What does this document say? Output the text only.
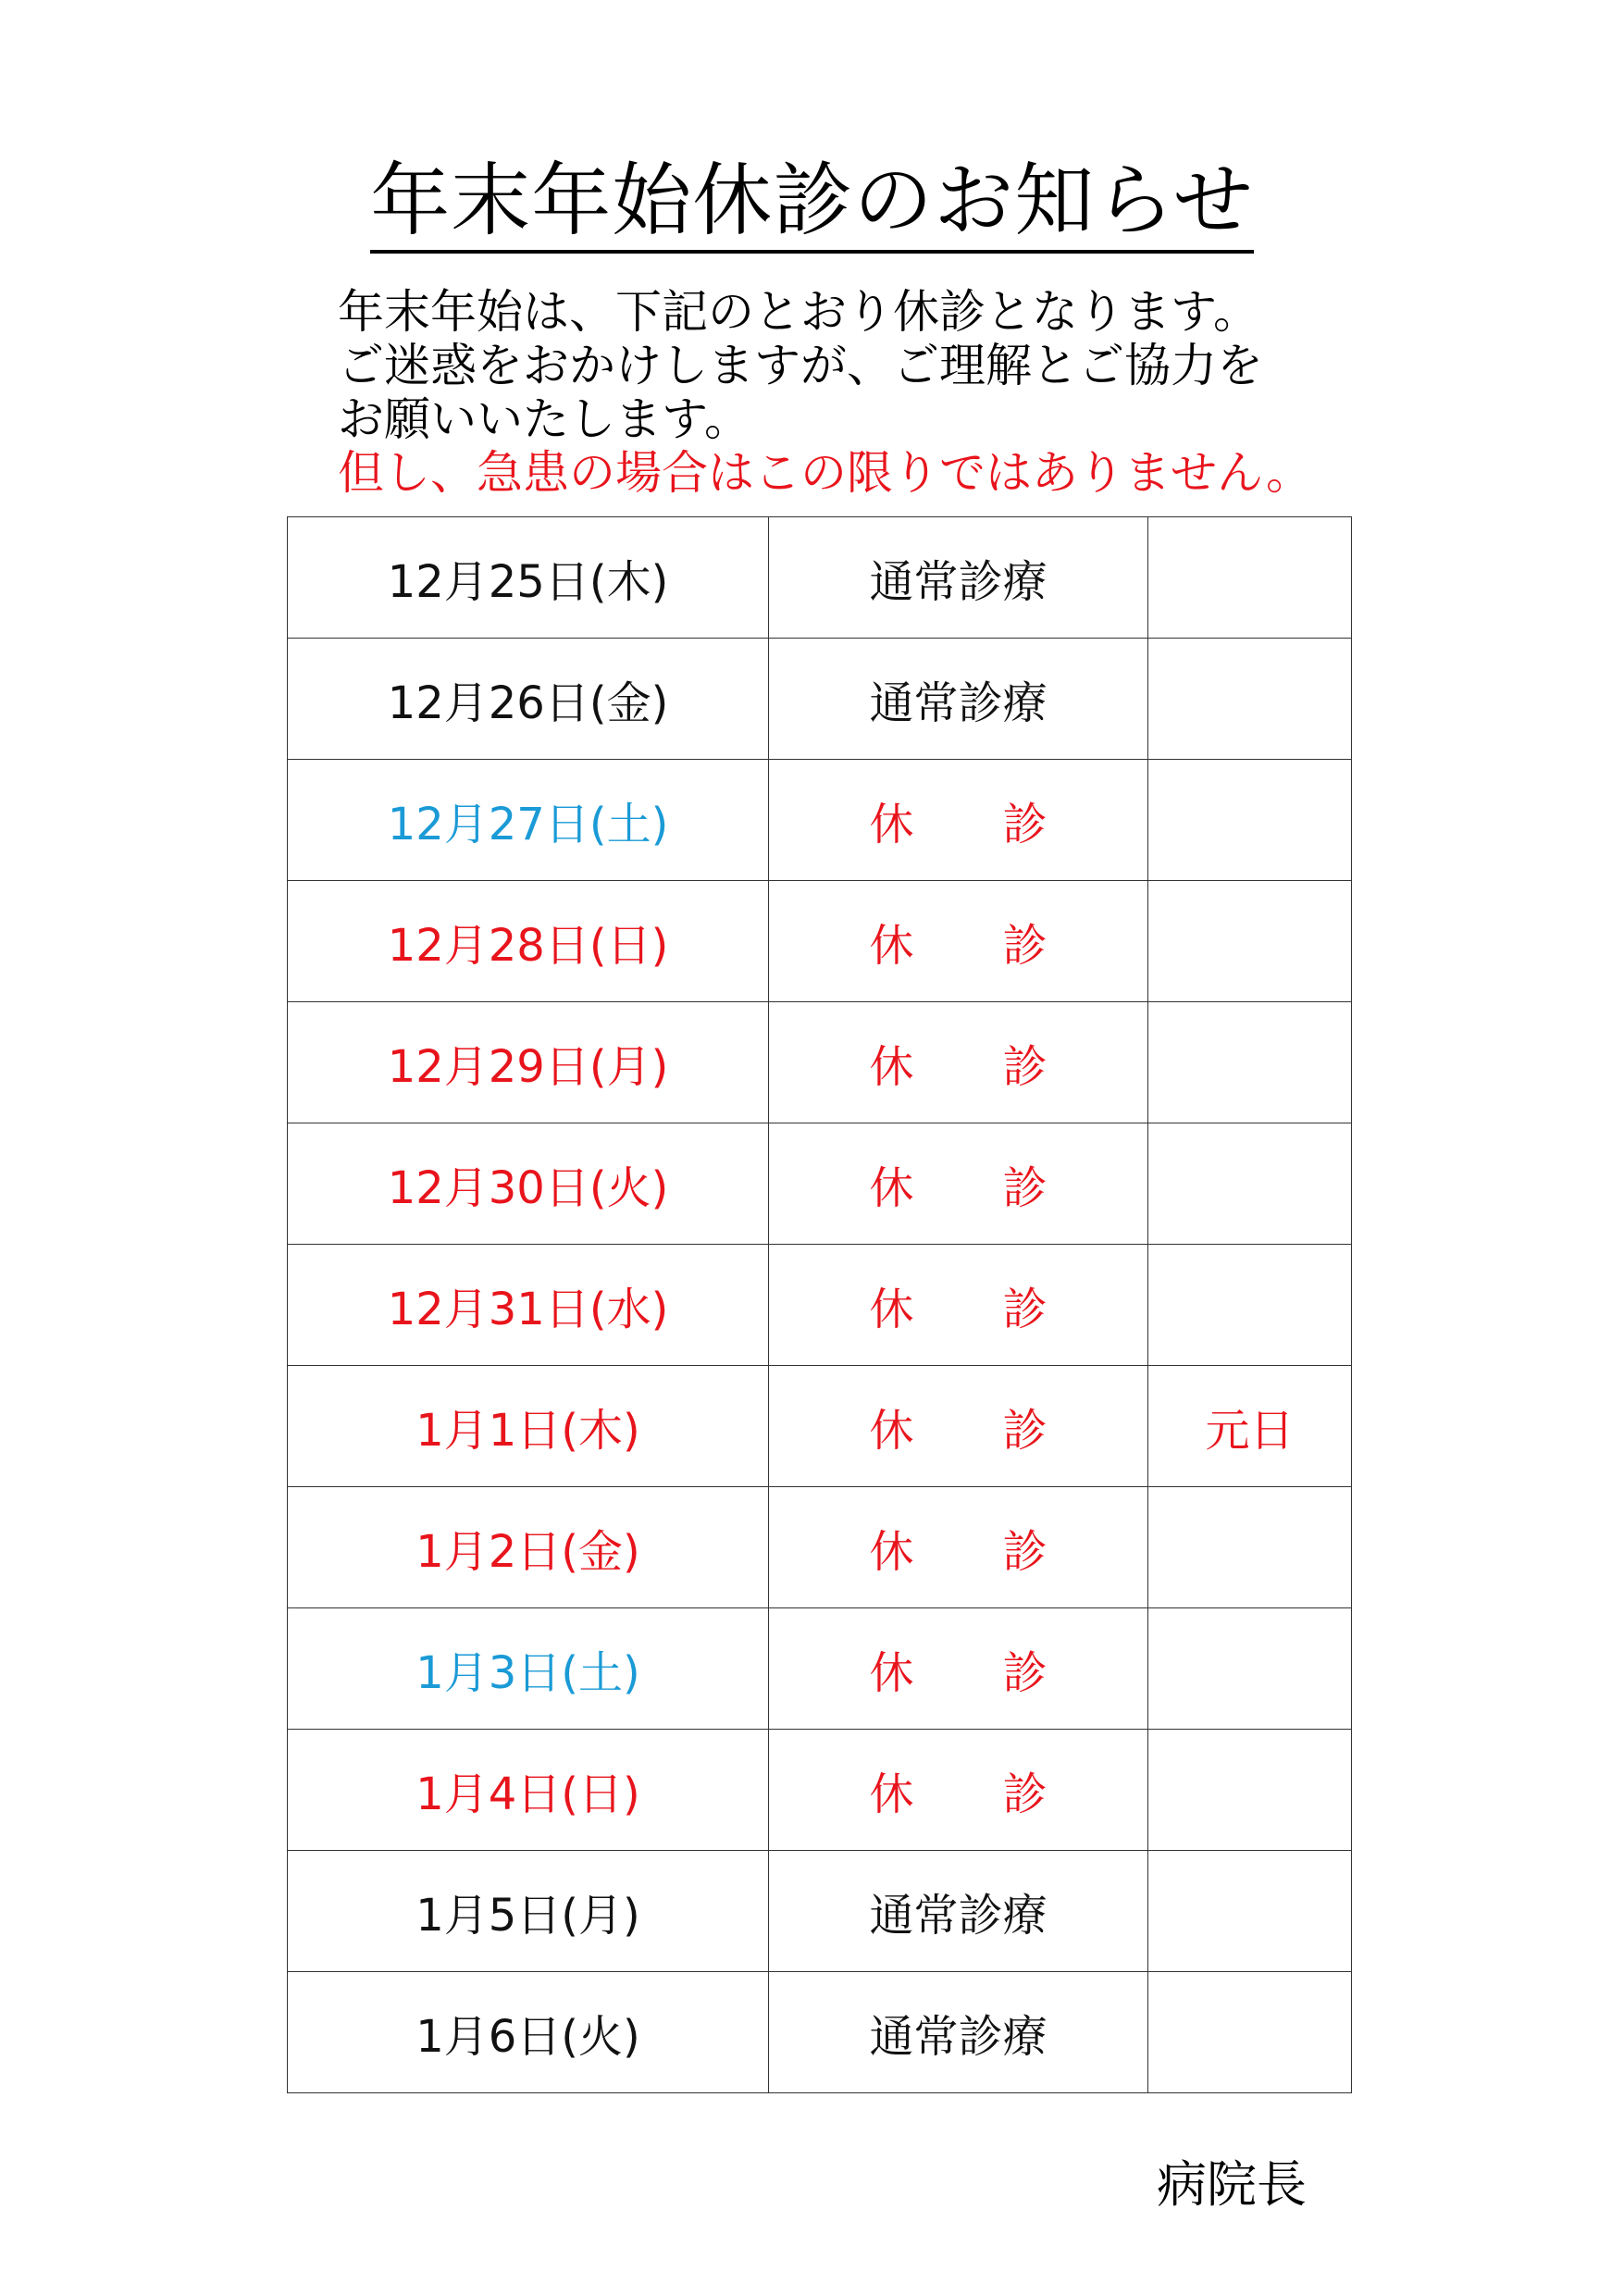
年末年始休診のお知らせ
年末年始は、下記のとおり休診となります。
ご迷惑をおかけしますが、ご理解とご協力を
お願いいたします。
但し、急患の場合はこの限りではありません。
12月25日(木)	通常診療	
12月26日(金)	通常診療	
12月27日(土)	休　　診	
12月28日(日)	休　　診	
12月29日(月)	休　　診	
12月30日(火)	休　　診	
12月31日(水)	休　　診	
1月1日(木)	休　　診	元日
1月2日(金)	休　　診	
1月3日(土)	休　　診	
1月4日(日)	休　　診	
1月5日(月)	通常診療	
1月6日(火)	通常診療	
病院長
